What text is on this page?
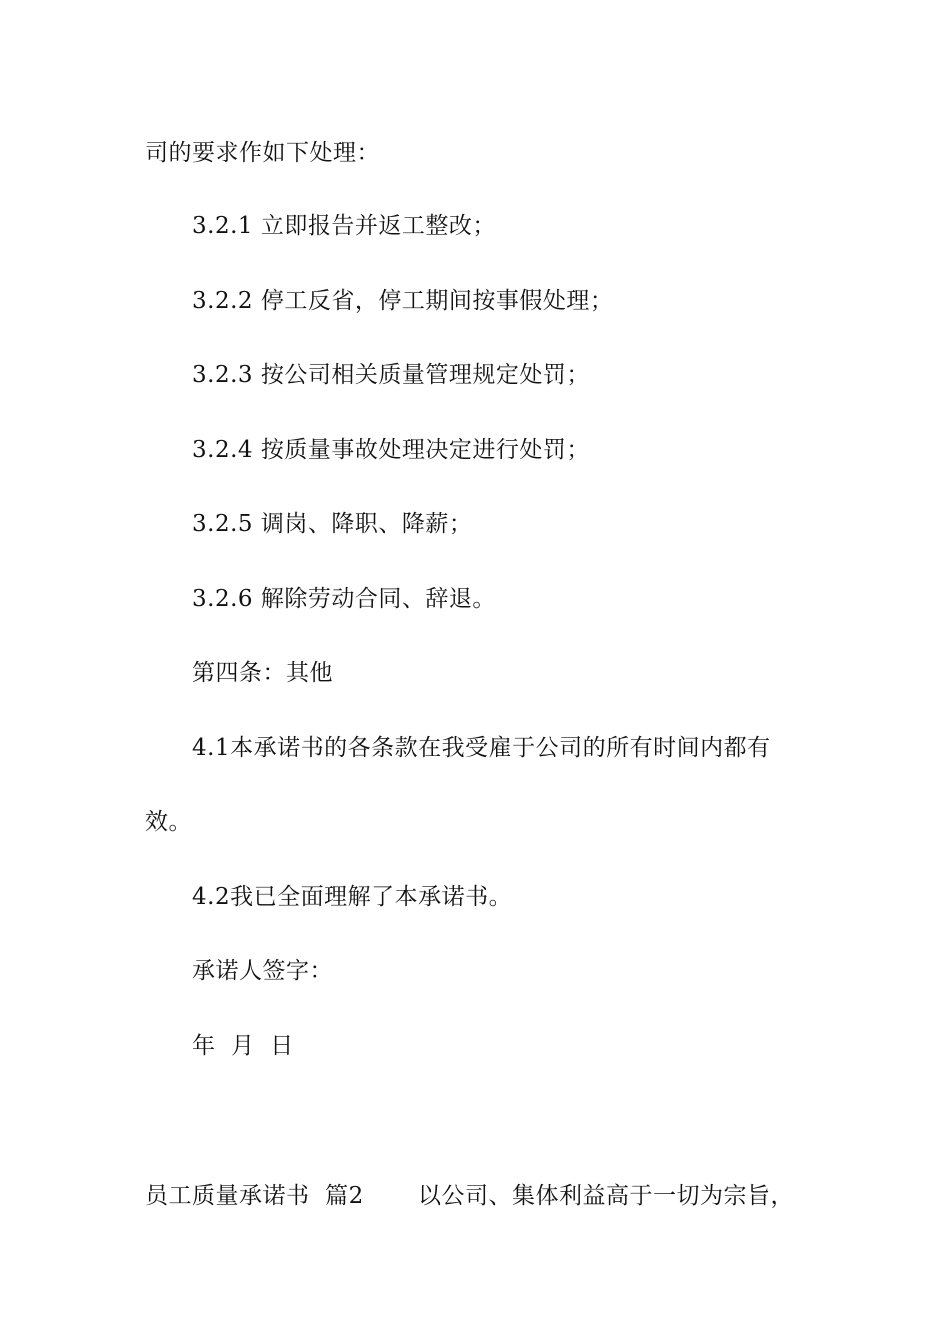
司的要求作如下处理：
3.2.1 立即报告并返工整改；
3.2.2 停工反省，停工期间按事假处理；
3.2.3 按公司相关质量管理规定处罚；
3.2.4 按质量事故处理决定进行处罚；
3.2.5 调岗、降职、降薪；
3.2.6 解除劳动合同、辞退。
第四条：其他
4.1本承诺书的各条款在我受雇于公司的所有时间内都有
效。
4.2我已全面理解了本承诺书。
承诺人签字：
年  月  日
员工质量承诺书  篇2 以公司、集体利益高于一切为宗旨，
